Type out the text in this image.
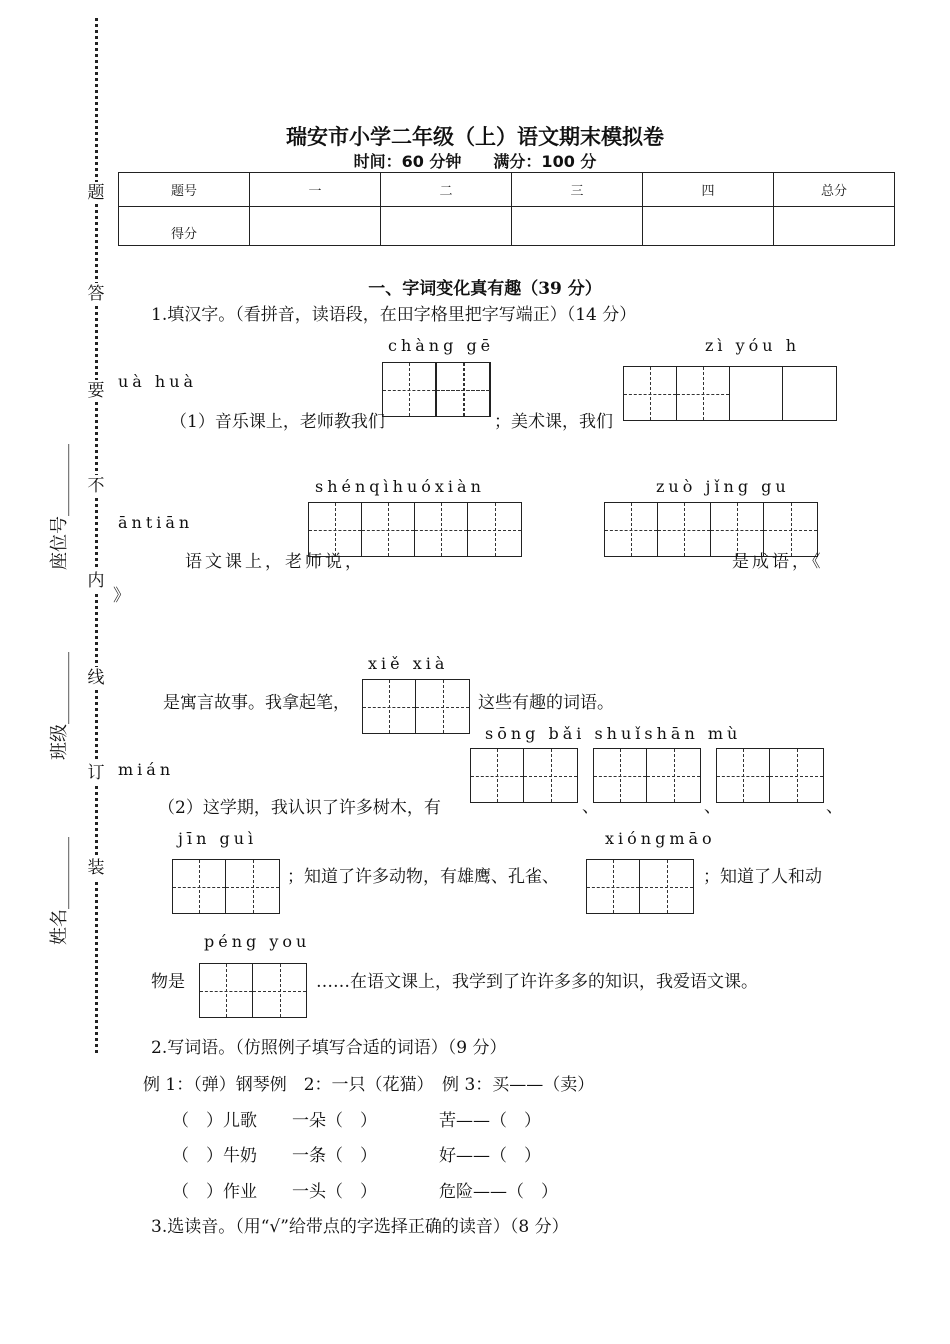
题
答
要
不
内
线
订
装
座位号________
班级________
姓名________
瑞安市小学二年级（上）语文期末模拟卷
时间：60 分钟　　满分：100 分
题号	一	二	三	四	总分
得分					
一、字词变化真有趣（39 分）
1.填汉字。（看拼音，读语段，在田字格里把字写端正）（14 分）
chàng gē	zì yóu h
uà huà
（1）音乐课上，老师教我们	；美术课，我们
shénqìhuóxiàn	zuò jǐng gu
āntiān
语文课上，老师说，	是成语，《
》
xiě xià
是寓言故事。我拿起笔，	这些有趣的词语。
sōng bǎi shuǐshān mù
mián
（2）这学期，我认识了许多树木，有	、	、	、
jīn guì	xióngmāo
；知道了许多动物，有雄鹰、孔雀、	；知道了人和动
péng you
物是	……在语文课上，我学到了许许多多的知识，我爱语文课。
2.写词语。（仿照例子填写合适的词语）（9 分）
例 1：（弹）钢琴例　2：一只（花猫）　例 3：买——（卖）
（　）儿歌 一朵（　）	苦——（　）
（　）牛奶 一条（　）	好——（　）
（　）作业 一头（　）	危险——（　）
3.选读音。（用“√”给带点的字选择正确的读音）（8 分）
